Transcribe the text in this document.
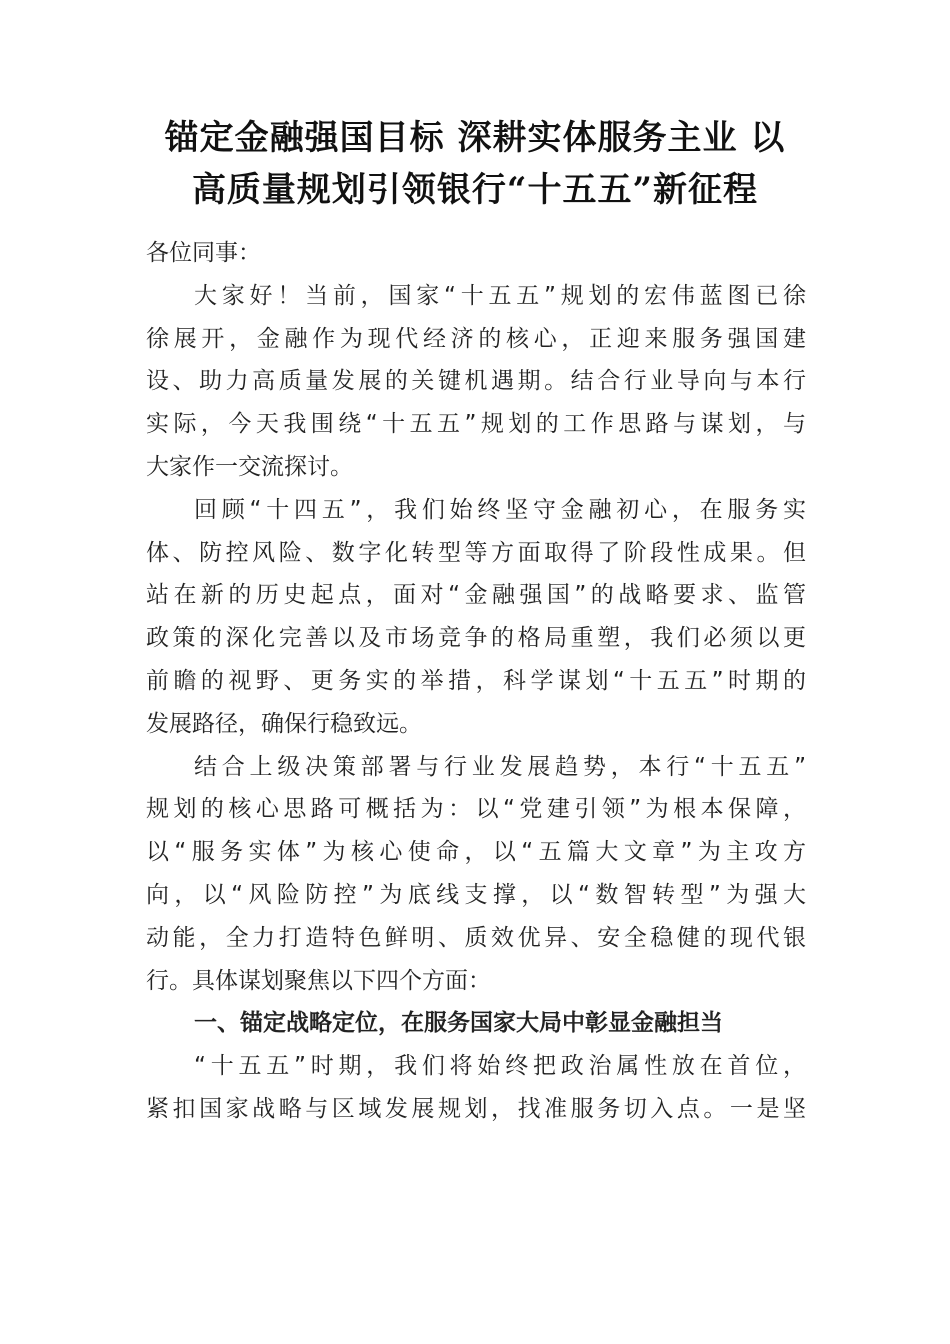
锚定金融强国目标 深耕实体服务主业 以
高质量规划引领银行“十五五”新征程

各位同事：

大家好！当前，国家“十五五”规划的宏伟蓝图已徐
徐展开，金融作为现代经济的核心，正迎来服务强国建
设、助力高质量发展的关键机遇期。结合行业导向与本行
实际，今天我围绕“十五五”规划的工作思路与谋划，与
大家作一交流探讨。

回顾“十四五”，我们始终坚守金融初心，在服务实
体、防控风险、数字化转型等方面取得了阶段性成果。但
站在新的历史起点，面对“金融强国”的战略要求、监管
政策的深化完善以及市场竞争的格局重塑，我们必须以更
前瞻的视野、更务实的举措，科学谋划“十五五”时期的
发展路径，确保行稳致远。

结合上级决策部署与行业发展趋势，本行“十五五”
规划的核心思路可概括为：以“党建引领”为根本保障，
以“服务实体”为核心使命，以“五篇大文章”为主攻方
向，以“风险防控”为底线支撑，以“数智转型”为强大
动能，全力打造特色鲜明、质效优异、安全稳健的现代银
行。具体谋划聚焦以下四个方面：

一、锚定战略定位，在服务国家大局中彰显金融担当

“十五五”时期，我们将始终把政治属性放在首位，
紧扣国家战略与区域发展规划，找准服务切入点。一是坚
